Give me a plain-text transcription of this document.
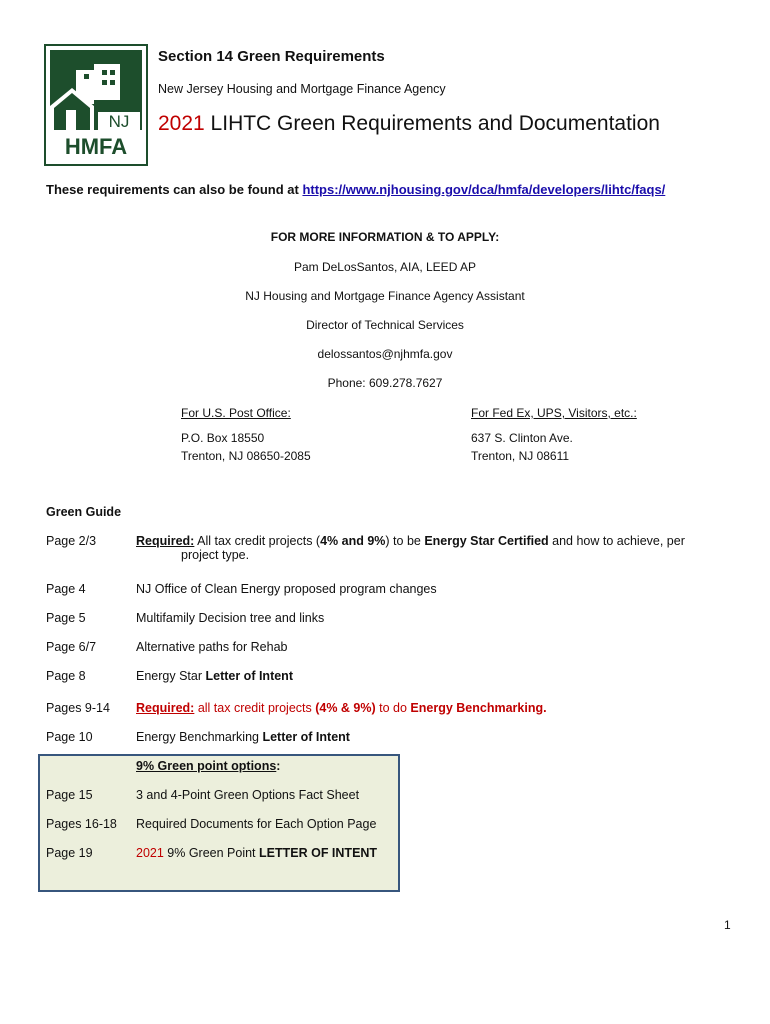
NJ
HMFA
Section 14 Green Requirements
New Jersey Housing and Mortgage Finance Agency
2021 LIHTC Green Requirements and Documentation
These requirements can also be found at https://www.njhousing.gov/dca/hmfa/developers/lihtc/faqs/
FOR MORE INFORMATION & TO APPLY:
Pam DeLosSantos, AIA, LEED AP
NJ Housing and Mortgage Finance Agency Assistant
Director of Technical Services
delossantos@njhmfa.gov
Phone: 609.278.7627
For U.S. Post Office:
P.O. Box 18550
Trenton, NJ 08650-2085
For Fed Ex, UPS, Visitors, etc.:
637 S. Clinton Ave.
Trenton, NJ 08611
Green Guide
Page 2/3	Required: All tax credit projects (4% and 9%) to be Energy Star Certified and how to achieve, per
project type.
Page 4	NJ Office of Clean Energy proposed program changes
Page 5	Multifamily Decision tree and links
Page 6/7	Alternative paths for Rehab
Page 8	Energy Star Letter of Intent
Pages 9-14	Required: all tax credit projects (4% & 9%) to do Energy Benchmarking.
Page 10	Energy Benchmarking Letter of Intent
9% Green point options:
Page 15	3 and 4-Point Green Options Fact Sheet
Pages 16-18	Required Documents for Each Option Page
Page 19	2021 9% Green Point LETTER OF INTENT
1
